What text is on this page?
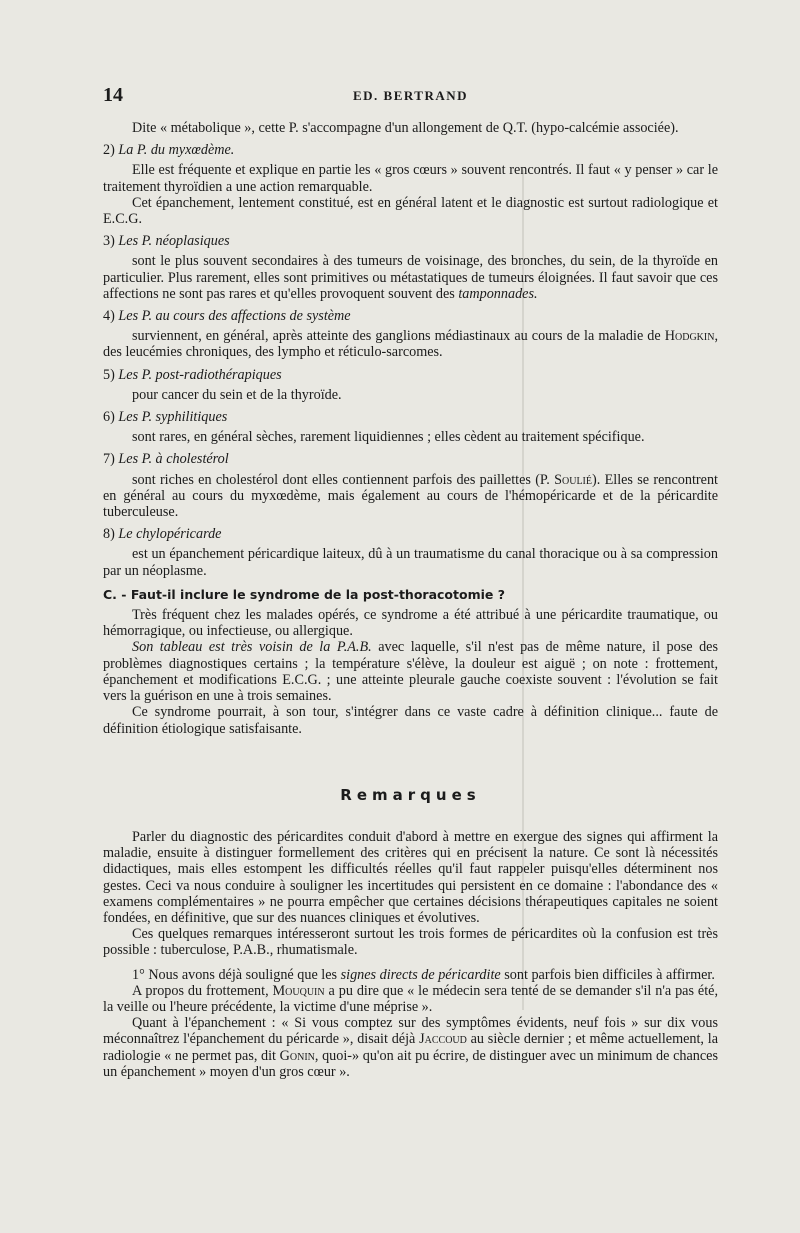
14	ED. BERTRAND

Dite « métabolique », cette P. s'accompagne d'un allongement de Q.T. (hypo-calcémie associée).

2) La P. du myxœdème.

Elle est fréquente et explique en partie les « gros cœurs » souvent rencontrés. Il faut « y penser » car le traitement thyroïdien a une action remarquable.

Cet épanchement, lentement constitué, est en général latent et le diagnostic est surtout radiologique et E.C.G.

3) Les P. néoplasiques

sont le plus souvent secondaires à des tumeurs de voisinage, des bronches, du sein, de la thyroïde en particulier. Plus rarement, elles sont primitives ou métastatiques de tumeurs éloignées. Il faut savoir que ces affections ne sont pas rares et qu'elles provoquent souvent des tamponnades.

4) Les P. au cours des affections de système

surviennent, en général, après atteinte des ganglions médiastinaux au cours de la maladie de Hodgkin, des leucémies chroniques, des lympho et réticulo-sarcomes.

5) Les P. post-radiothérapiques

pour cancer du sein et de la thyroïde.

6) Les P. syphilitiques

sont rares, en général sèches, rarement liquidiennes ; elles cèdent au traitement spécifique.

7) Les P. à cholestérol

sont riches en cholestérol dont elles contiennent parfois des paillettes (P. Soulié). Elles se rencontrent en général au cours du myxœdème, mais également au cours de l'hémopéricarde et de la péricardite tuberculeuse.

8) Le chylopéricarde

est un épanchement péricardique laiteux, dû à un traumatisme du canal thoracique ou à sa compression par un néoplasme.

C. - Faut-il inclure le syndrome de la post-thoracotomie ?

Très fréquent chez les malades opérés, ce syndrome a été attribué à une péricardite traumatique, ou hémorragique, ou infectieuse, ou allergique.

Son tableau est très voisin de la P.A.B. avec laquelle, s'il n'est pas de même nature, il pose des problèmes diagnostiques certains ; la température s'élève, la douleur est aiguë ; on note : frottement, épanchement et modifications E.C.G. ; une atteinte pleurale gauche coexiste souvent : l'évolution se fait vers la guérison en une à trois semaines.

Ce syndrome pourrait, à son tour, s'intégrer dans ce vaste cadre à définition clinique... faute de définition étiologique satisfaisante.

Remarques

Parler du diagnostic des péricardites conduit d'abord à mettre en exergue des signes qui affirment la maladie, ensuite à distinguer formellement des critères qui en précisent la nature. Ce sont là nécessités didactiques, mais elles estompent les difficultés réelles qu'il faut rappeler puisqu'elles déterminent nos gestes. Ceci va nous conduire à souligner les incertitudes qui persistent en ce domaine : l'abondance des « examens complémentaires » ne pourra empêcher que certaines décisions thérapeutiques capitales ne soient fondées, en définitive, que sur des nuances cliniques et évolutives.

Ces quelques remarques intéresseront surtout les trois formes de péricardites où la confusion est très possible : tuberculose, P.A.B., rhumatismale.

1° Nous avons déjà souligné que les signes directs de péricardite sont parfois bien difficiles à affirmer.

A propos du frottement, Mouquin a pu dire que « le médecin sera tenté de se demander s'il n'a pas été, la veille ou l'heure précédente, la victime d'une méprise ».

Quant à l'épanchement : « Si vous comptez sur des symptômes évidents, neuf fois » sur dix vous méconnaîtrez l'épanchement du péricarde », disait déjà Jaccoud au siècle dernier ; et même actuellement, la radiologie « ne permet pas, dit Gonin, quoi-» qu'on ait pu écrire, de distinguer avec un minimum de chances un épanchement » moyen d'un gros cœur ».
